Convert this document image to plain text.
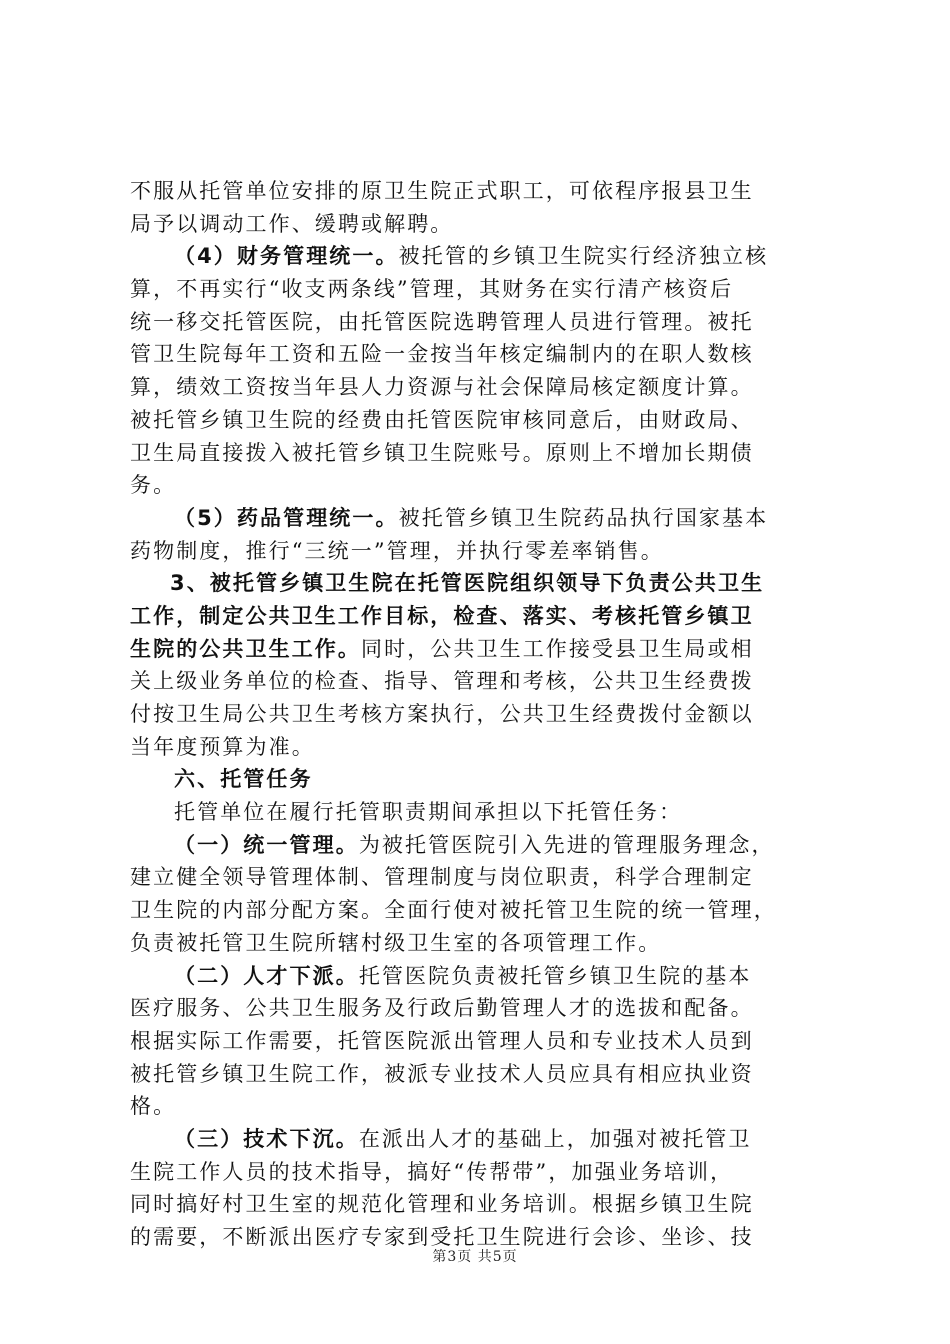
不服从托管单位安排的原卫生院正式职工，可依程序报县卫生
局予以调动工作、缓聘或解聘。
（4）财务管理统一。被托管的乡镇卫生院实行经济独立核
算，不再实行“收支两条线”管理，其财务在实行清产核资后
统一移交托管医院，由托管医院选聘管理人员进行管理。被托
管卫生院每年工资和五险一金按当年核定编制内的在职人数核
算，绩效工资按当年县人力资源与社会保障局核定额度计算。
被托管乡镇卫生院的经费由托管医院审核同意后，由财政局、
卫生局直接拨入被托管乡镇卫生院账号。原则上不增加长期债
务。
（5）药品管理统一。被托管乡镇卫生院药品执行国家基本
药物制度，推行“三统一”管理，并执行零差率销售。
3、被托管乡镇卫生院在托管医院组织领导下负责公共卫生
工作，制定公共卫生工作目标，检查、落实、考核托管乡镇卫
生院的公共卫生工作。同时，公共卫生工作接受县卫生局或相
关上级业务单位的检查、指导、管理和考核，公共卫生经费拨
付按卫生局公共卫生考核方案执行，公共卫生经费拨付金额以
当年度预算为准。
六、托管任务
托管单位在履行托管职责期间承担以下托管任务：
（一）统一管理。为被托管医院引入先进的管理服务理念，
建立健全领导管理体制、管理制度与岗位职责，科学合理制定
卫生院的内部分配方案。全面行使对被托管卫生院的统一管理，
负责被托管卫生院所辖村级卫生室的各项管理工作。
（二）人才下派。托管医院负责被托管乡镇卫生院的基本
医疗服务、公共卫生服务及行政后勤管理人才的选拔和配备。
根据实际工作需要，托管医院派出管理人员和专业技术人员到
被托管乡镇卫生院工作，被派专业技术人员应具有相应执业资
格。
（三）技术下沉。在派出人才的基础上，加强对被托管卫
生院工作人员的技术指导，搞好“传帮带”，加强业务培训，
同时搞好村卫生室的规范化管理和业务培训。根据乡镇卫生院
的需要，不断派出医疗专家到受托卫生院进行会诊、坐诊、技
第3页 共5页
